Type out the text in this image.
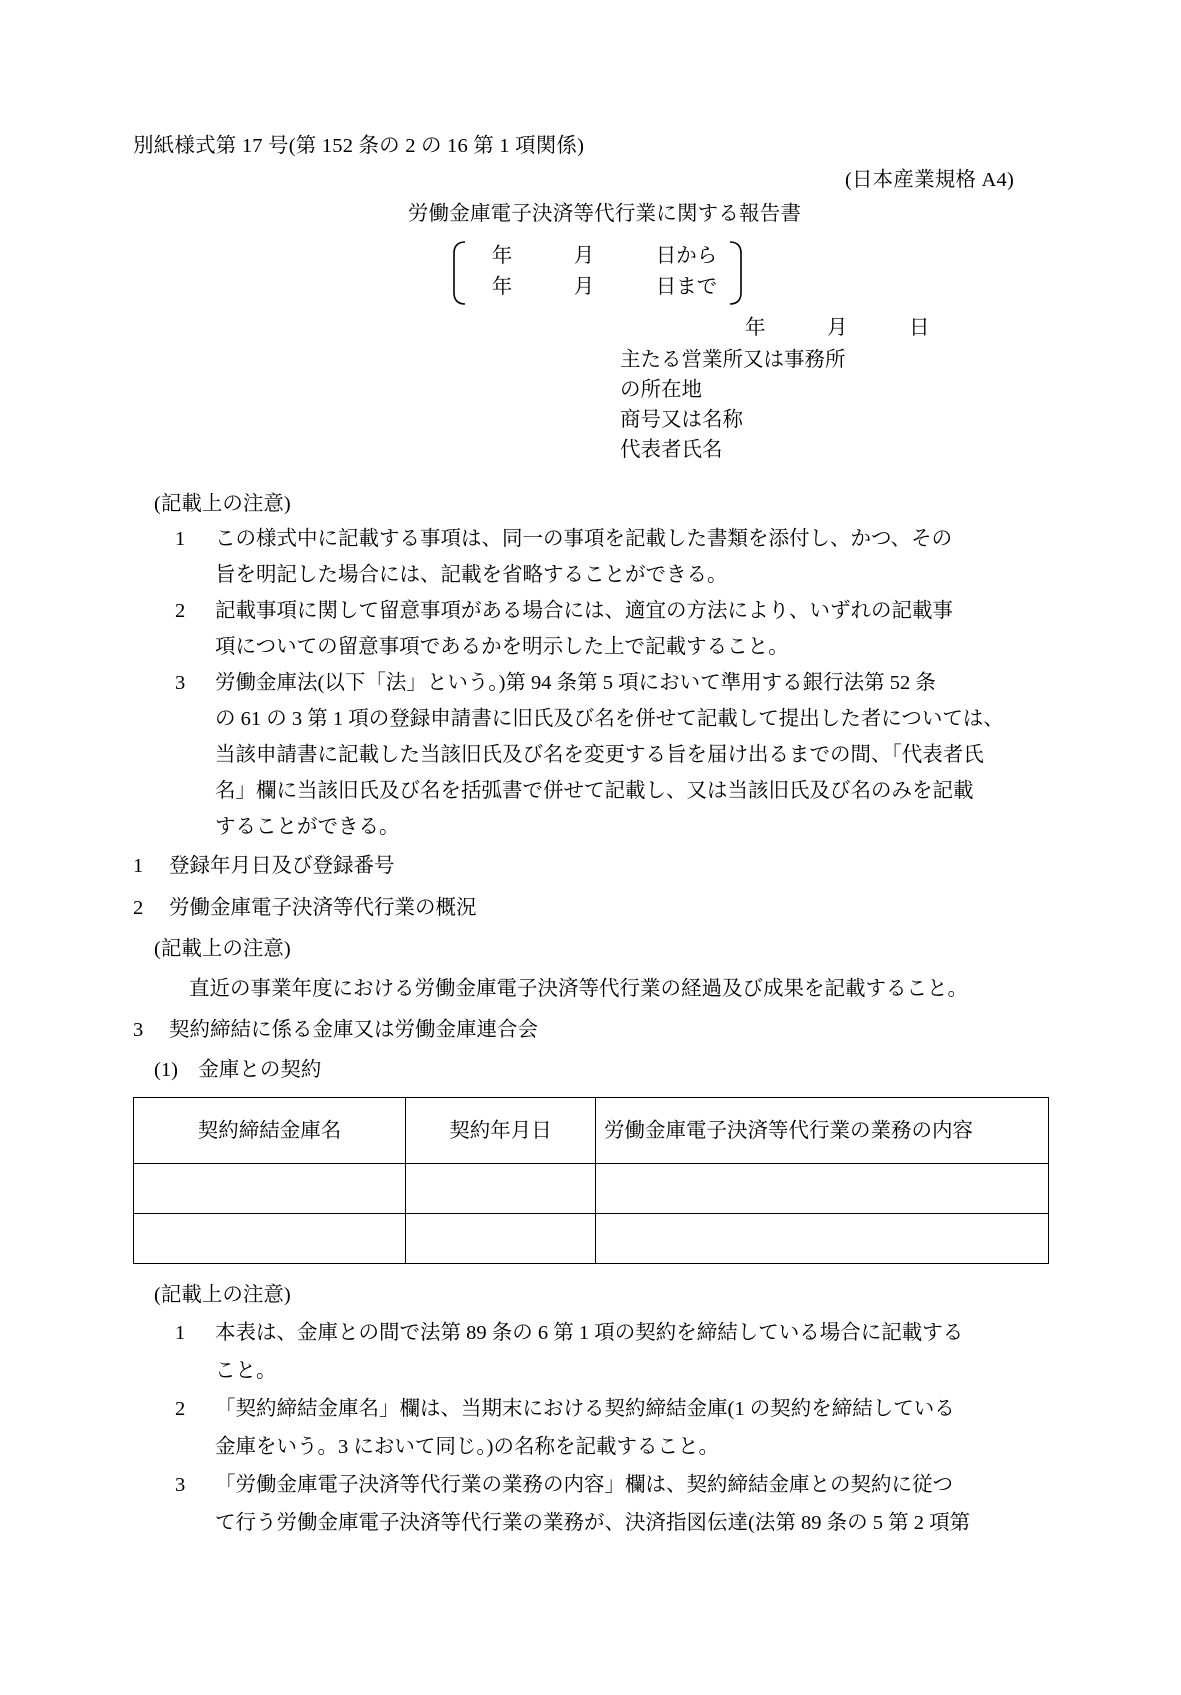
別紙様式第 17 号(第 152 条の 2 の 16 第 1 項関係)
(日本産業規格 A4)
労働金庫電子決済等代行業に関する報告書
年　　　月　　　日から
年　　　月　　　日まで
年　　　月　　　日
主たる営業所又は事務所
の所在地
商号又は名称
代表者氏名
(記載上の注意)
1	この様式中に記載する事項は、同一の事項を記載した書類を添付し、かつ、その
旨を明記した場合には、記載を省略することができる。
2	記載事項に関して留意事項がある場合には、適宜の方法により、いずれの記載事
項についての留意事項であるかを明示した上で記載すること。
3	労働金庫法(以下「法」という。)第 94 条第 5 項において準用する銀行法第 52 条
の 61 の 3 第 1 項の登録申請書に旧氏及び名を併せて記載して提出した者については、
当該申請書に記載した当該旧氏及び名を変更する旨を届け出るまでの間、「代表者氏
名」欄に当該旧氏及び名を括弧書で併せて記載し、又は当該旧氏及び名のみを記載
することができる。
1	登録年月日及び登録番号
2	労働金庫電子決済等代行業の概況
(記載上の注意)
直近の事業年度における労働金庫電子決済等代行業の経過及び成果を記載すること。
3	契約締結に係る金庫又は労働金庫連合会
(1)　金庫との契約
契約締結金庫名	契約年月日	労働金庫電子決済等代行業の業務の内容

(記載上の注意)
1	本表は、金庫との間で法第 89 条の 6 第 1 項の契約を締結している場合に記載する
こと。
2	「契約締結金庫名」欄は、当期末における契約締結金庫(1 の契約を締結している
金庫をいう。3 において同じ。)の名称を記載すること。
3	「労働金庫電子決済等代行業の業務の内容」欄は、契約締結金庫との契約に従つ
て行う労働金庫電子決済等代行業の業務が、決済指図伝達(法第 89 条の 5 第 2 項第
